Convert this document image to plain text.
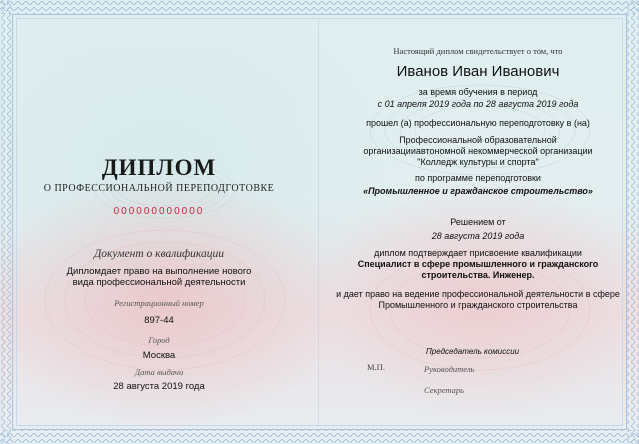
ДИПЛОМ
О ПРОФЕССИОНАЛЬНОЙ ПЕРЕПОДГОТОВКЕ
000000000000
Документ о квалификации
Дипломдает право на выполнение нового вида профессиональной деятельности
Регистрационный номер
897-44
Город
Москва
Дата выдачи
28 августа 2019 года
Настоящий диплом свидетельствует о том, что
Иванов Иван Иванович
за время обучения в период
с 01 апреля 2019 года по 28 августа 2019 года
прошел (а) профессиональную переподготовку в (на)
Профессиональной образовательной
организацииавтономной некоммерческой организации
"Колледж культуры и спорта"
по программе переподготовки
«Промышленное и гражданское строительство»
Решением от
28 августа 2019 года
диплом подтверждает присвоение квалификации
Специалист в сфере промышленного и гражданского
строительства. Инженер.
и дает право на ведение профессиональной деятельности в сфере
Промышленного и гражданского строительства
Председатель комиссии
М.П.	Руководитель
Секретарь
